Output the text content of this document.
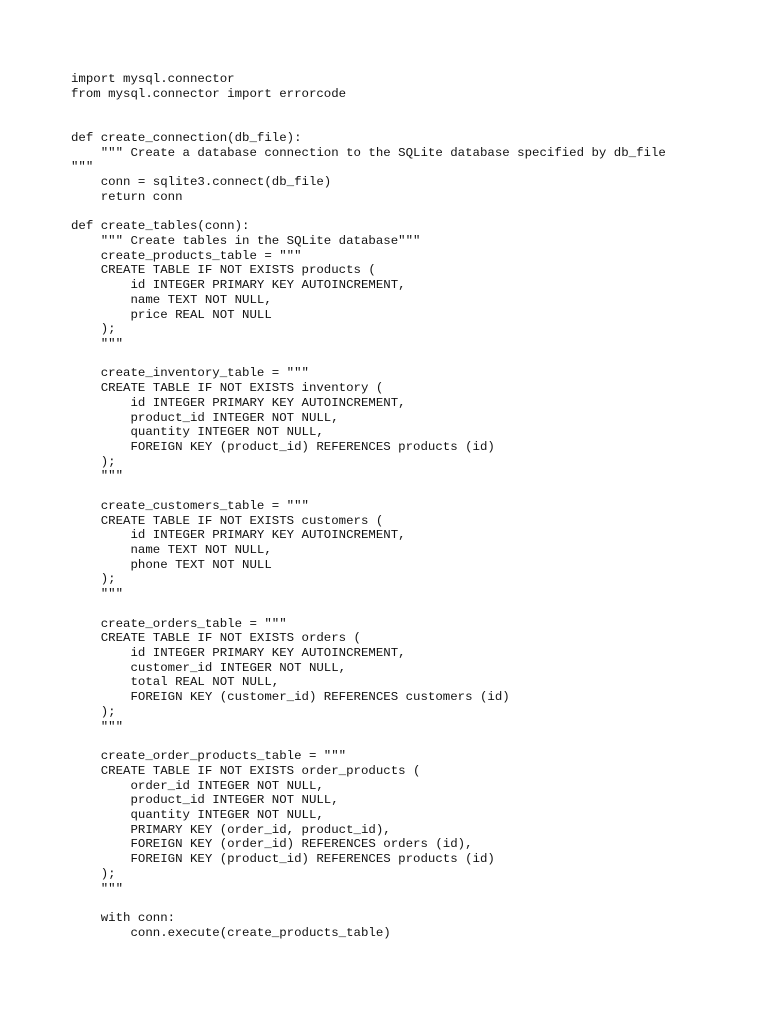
import mysql.connector
from mysql.connector import errorcode
def create_connection(db_file):
""" Create a database connection to the SQLite database specified by db_file
"""
conn = sqlite3.connect(db_file)
return conn
def create_tables(conn):
""" Create tables in the SQLite database"""
create_products_table = """
CREATE TABLE IF NOT EXISTS products (
id INTEGER PRIMARY KEY AUTOINCREMENT,
name TEXT NOT NULL,
price REAL NOT NULL
);
"""
create_inventory_table = """
CREATE TABLE IF NOT EXISTS inventory (
id INTEGER PRIMARY KEY AUTOINCREMENT,
product_id INTEGER NOT NULL,
quantity INTEGER NOT NULL,
FOREIGN KEY (product_id) REFERENCES products (id)
);
"""
create_customers_table = """
CREATE TABLE IF NOT EXISTS customers (
id INTEGER PRIMARY KEY AUTOINCREMENT,
name TEXT NOT NULL,
phone TEXT NOT NULL
);
"""
create_orders_table = """
CREATE TABLE IF NOT EXISTS orders (
id INTEGER PRIMARY KEY AUTOINCREMENT,
customer_id INTEGER NOT NULL,
total REAL NOT NULL,
FOREIGN KEY (customer_id) REFERENCES customers (id)
);
"""
create_order_products_table = """
CREATE TABLE IF NOT EXISTS order_products (
order_id INTEGER NOT NULL,
product_id INTEGER NOT NULL,
quantity INTEGER NOT NULL,
PRIMARY KEY (order_id, product_id),
FOREIGN KEY (order_id) REFERENCES orders (id),
FOREIGN KEY (product_id) REFERENCES products (id)
);
"""
with conn:
conn.execute(create_products_table)
